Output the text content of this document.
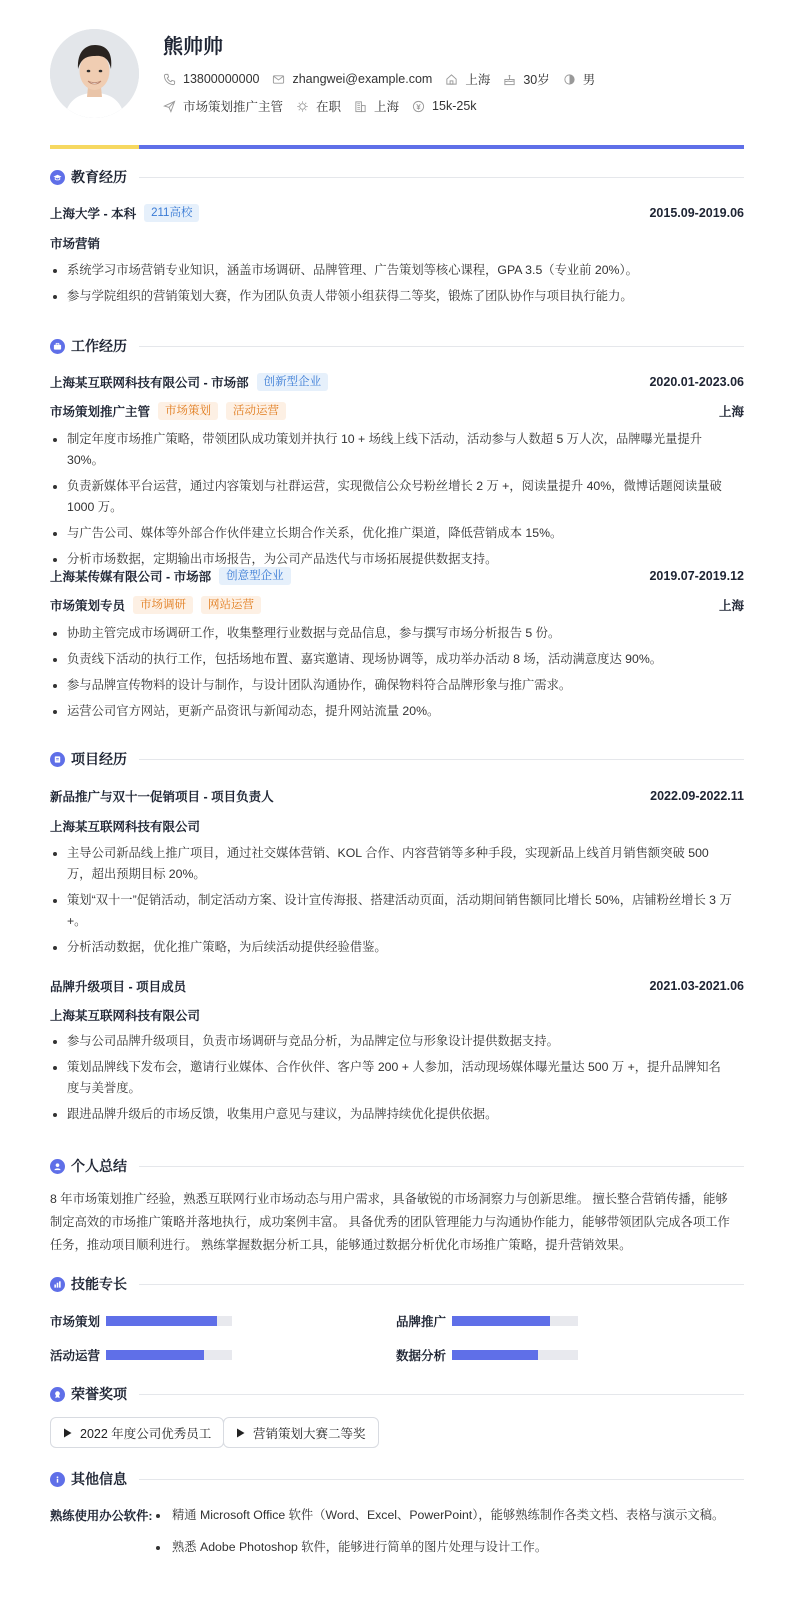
熊帅帅
13800000000	zhangwei@example.com	上海	30岁	男
市场策划推广主管	在职	上海	15k-25k
教育经历
上海大学 - 本科	211高校	2015.09-2019.06
市场营销
系统学习市场营销专业知识，涵盖市场调研、品牌管理、广告策划等核心课程，GPA 3.5（专业前 20%）。
参与学院组织的营销策划大赛，作为团队负责人带领小组获得二等奖，锻炼了团队协作与项目执行能力。
工作经历
上海某互联网科技有限公司 - 市场部	创新型企业	2020.01-2023.06
市场策划推广主管	市场策划	活动运营	上海
制定年度市场推广策略，带领团队成功策划并执行 10 + 场线上线下活动，活动参与人数超 5 万人次，品牌曝光量提升 30%。
负责新媒体平台运营，通过内容策划与社群运营，实现微信公众号粉丝增长 2 万 +，阅读量提升 40%，微博话题阅读量破 1000 万。
与广告公司、媒体等外部合作伙伴建立长期合作关系，优化推广渠道，降低营销成本 15%。
分析市场数据，定期输出市场报告，为公司产品迭代与市场拓展提供数据支持。
上海某传媒有限公司 - 市场部	创意型企业	2019.07-2019.12
市场策划专员	市场调研	网站运营	上海
协助主管完成市场调研工作，收集整理行业数据与竞品信息，参与撰写市场分析报告 5 份。
负责线下活动的执行工作，包括场地布置、嘉宾邀请、现场协调等，成功举办活动 8 场，活动满意度达 90%。
参与品牌宣传物料的设计与制作，与设计团队沟通协作，确保物料符合品牌形象与推广需求。
运营公司官方网站，更新产品资讯与新闻动态，提升网站流量 20%。
项目经历
新品推广与双十一促销项目 - 项目负责人	2022.09-2022.11
上海某互联网科技有限公司
主导公司新品线上推广项目，通过社交媒体营销、KOL 合作、内容营销等多种手段，实现新品上线首月销售额突破 500 万，超出预期目标 20%。
策划“双十一”促销活动，制定活动方案、设计宣传海报、搭建活动页面，活动期间销售额同比增长 50%，店铺粉丝增长 3 万 +。
分析活动数据，优化推广策略，为后续活动提供经验借鉴。
品牌升级项目 - 项目成员	2021.03-2021.06
上海某互联网科技有限公司
参与公司品牌升级项目，负责市场调研与竞品分析，为品牌定位与形象设计提供数据支持。
策划品牌线下发布会，邀请行业媒体、合作伙伴、客户等 200 + 人参加，活动现场媒体曝光量达 500 万 +，提升品牌知名度与美誉度。
跟进品牌升级后的市场反馈，收集用户意见与建议，为品牌持续优化提供依据。
个人总结
8 年市场策划推广经验，熟悉互联网行业市场动态与用户需求，具备敏锐的市场洞察力与创新思维。 擅长整合营销传播，能够制定高效的市场推广策略并落地执行，成功案例丰富。 具备优秀的团队管理能力与沟通协作能力，能够带领团队完成各项工作任务，推动项目顺利进行。 熟练掌握数据分析工具，能够通过数据分析优化市场推广策略，提升营销效果。
技能专长
市场策划	品牌推广
活动运营	数据分析
荣誉奖项
2022 年度公司优秀员工	营销策划大赛二等奖
其他信息
熟练使用办公软件:	精通 Microsoft Office 软件（Word、Excel、PowerPoint），能够熟练制作各类文档、表格与演示文稿。
熟悉 Adobe Photoshop 软件，能够进行简单的图片处理与设计工作。
